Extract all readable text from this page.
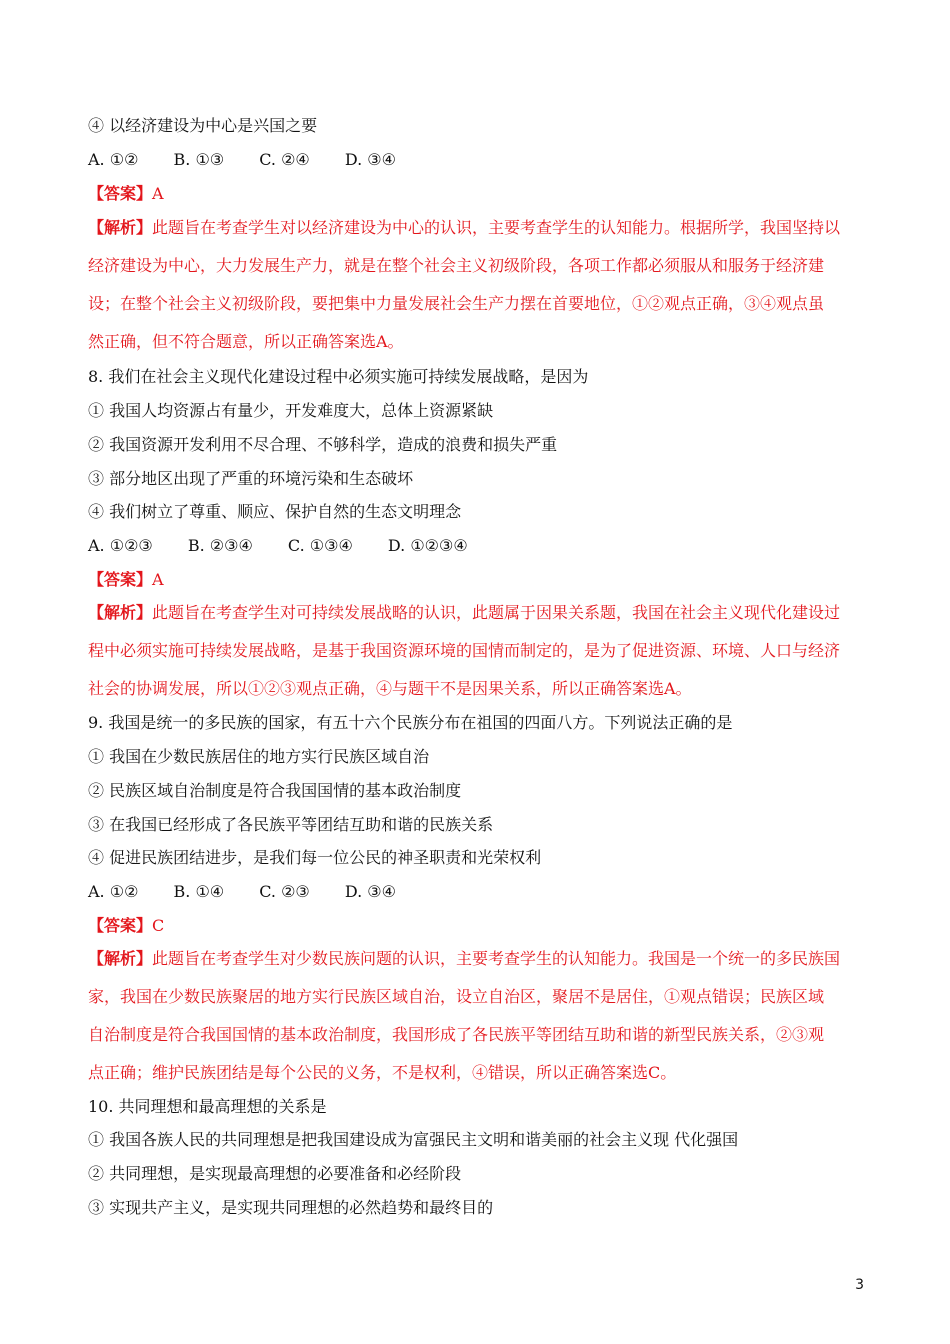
④ 以经济建设为中心是兴国之要
A. ①② B. ①③ C. ②④ D. ③④
【答案】A
【解析】此题旨在考查学生对以经济建设为中心的认识，主要考查学生的认知能力。根据所学，我国坚持以
经济建设为中心，大力发展生产力，就是在整个社会主义初级阶段，各项工作都必须服从和服务于经济建
设；在整个社会主义初级阶段，要把集中力量发展社会生产力摆在首要地位，①②观点正确，③④观点虽
然正确，但不符合题意，所以正确答案选A。
8. 我们在社会主义现代化建设过程中必须实施可持续发展战略，是因为
① 我国人均资源占有量少，开发难度大，总体上资源紧缺
② 我国资源开发利用不尽合理、不够科学，造成的浪费和损失严重
③ 部分地区出现了严重的环境污染和生态破坏
④ 我们树立了尊重、顺应、保护自然的生态文明理念
A. ①②③ B. ②③④ C. ①③④ D. ①②③④
【答案】A
【解析】此题旨在考查学生对可持续发展战略的认识，此题属于因果关系题，我国在社会主义现代化建设过
程中必须实施可持续发展战略，是基于我国资源环境的国情而制定的，是为了促进资源、环境、人口与经济
社会的协调发展，所以①②③观点正确，④与题干不是因果关系，所以正确答案选A。
9. 我国是统一的多民族的国家，有五十六个民族分布在祖国的四面八方。下列说法正确的是
① 我国在少数民族居住的地方实行民族区域自治
② 民族区域自治制度是符合我国国情的基本政治制度
③ 在我国已经形成了各民族平等团结互助和谐的民族关系
④ 促进民族团结进步，是我们每一位公民的神圣职责和光荣权利
A. ①② B. ①④ C. ②③ D. ③④
【答案】C
【解析】此题旨在考查学生对少数民族问题的认识，主要考查学生的认知能力。我国是一个统一的多民族国
家，我国在少数民族聚居的地方实行民族区域自治，设立自治区，聚居不是居住，①观点错误；民族区域
自治制度是符合我国国情的基本政治制度，我国形成了各民族平等团结互助和谐的新型民族关系，②③观
点正确；维护民族团结是每个公民的义务，不是权利，④错误，所以正确答案选C。
10. 共同理想和最高理想的关系是
① 我国各族人民的共同理想是把我国建设成为富强民主文明和谐美丽的社会主义现 代化强国
② 共同理想，是实现最高理想的必要准备和必经阶段
③ 实现共产主义，是实现共同理想的必然趋势和最终目的
3
